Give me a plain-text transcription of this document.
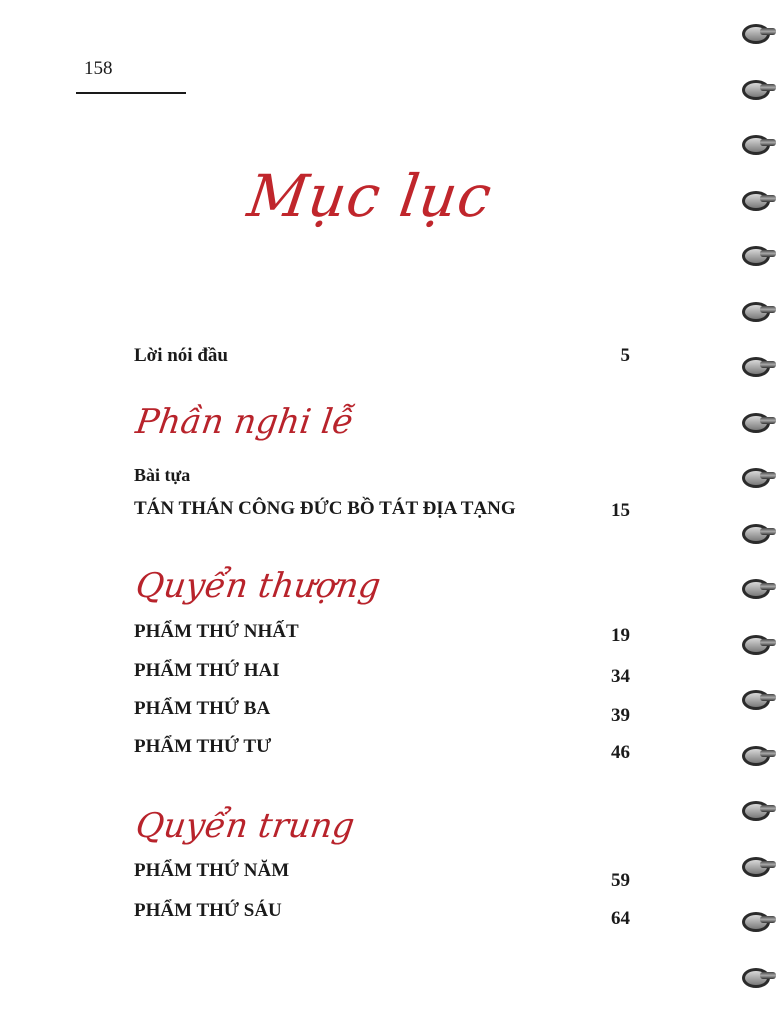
158
Mục lục
Lời nói đầu	5
Phần nghi lễ
Bài tựa
TÁN THÁN CÔNG ĐỨC BỒ TÁT ĐỊA TẠNG	15
Quyển thượng
PHẨM THỨ NHẤT	19
PHẨM THỨ HAI	34
PHẨM THỨ BA	39
PHẨM THỨ TƯ	46
Quyển trung
PHẨM THỨ NĂM	59
PHẨM THỨ SÁU	64
